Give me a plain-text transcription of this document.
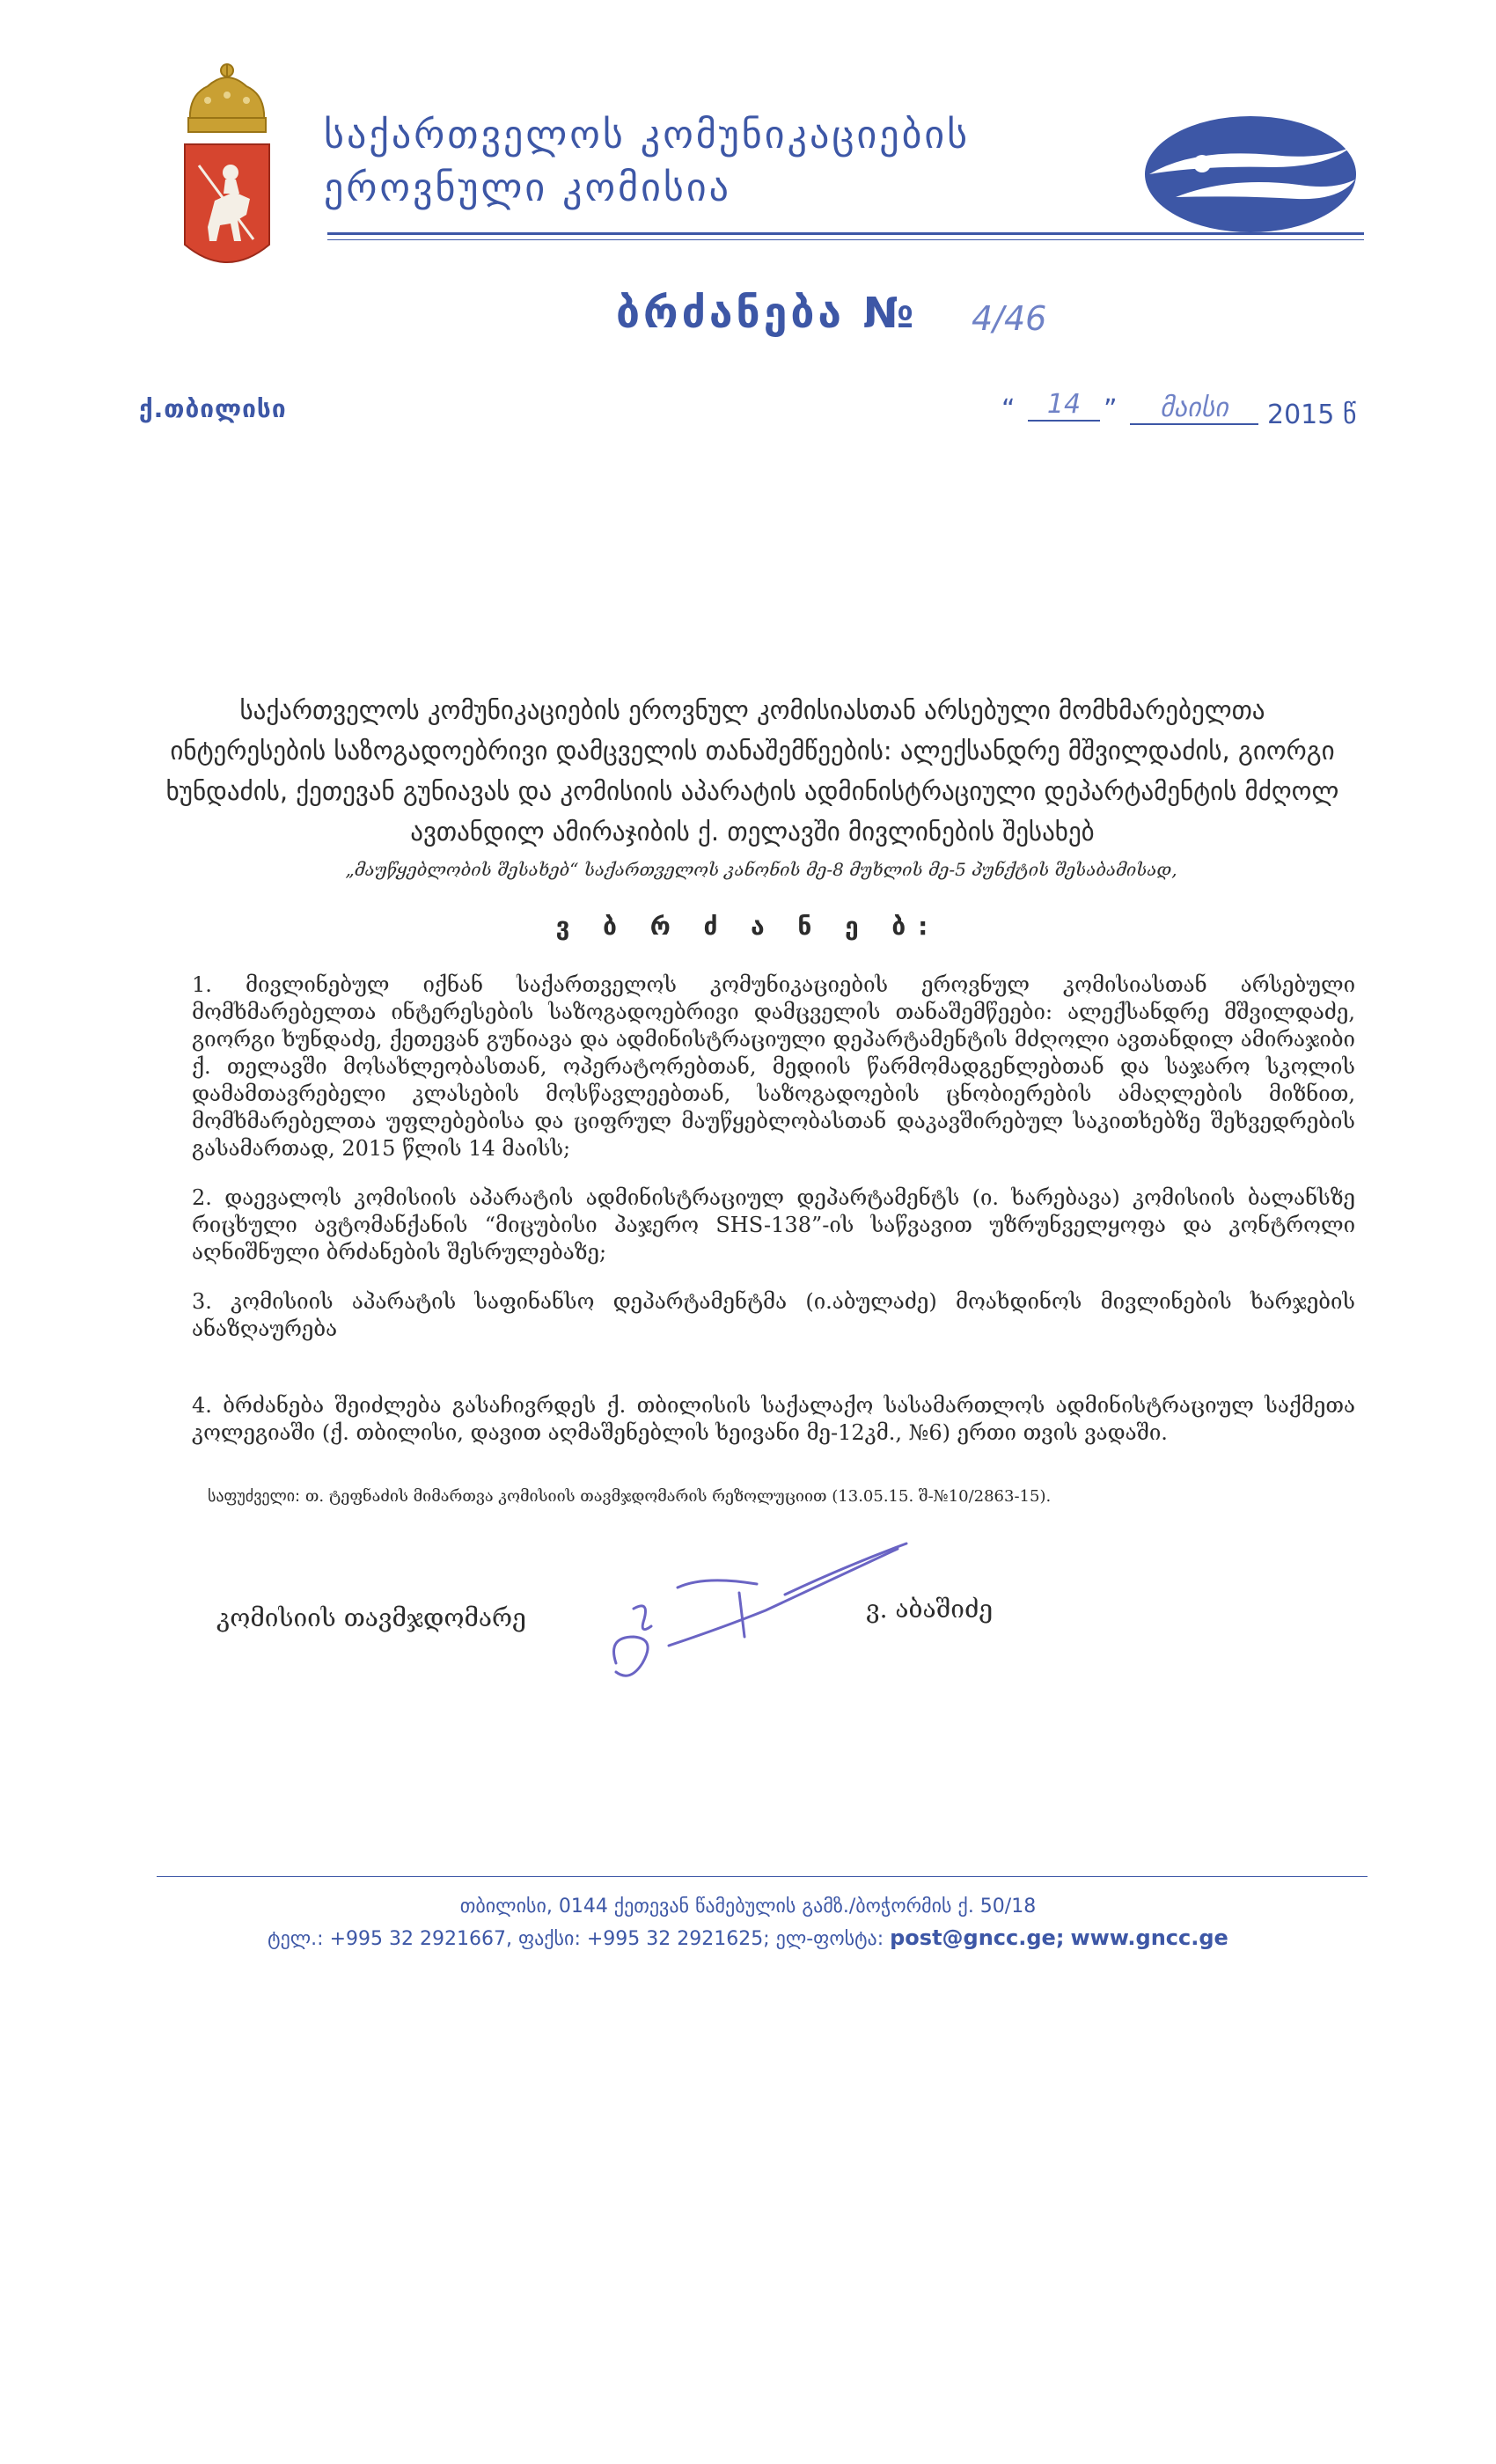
საქართველოს კომუნიკაციების
ეროვნული კომისია
ბრძანება № 4/46
ქ.თბილისი	“	14 ”	მაისი	2015 წ
საქართველოს კომუნიკაციების ეროვნულ კომისიასთან არსებული მომხმარებელთა ინტერესების საზოგადოებრივი დამცველის თანაშემწეების: ალექსანდრე მშვილდაძის, გიორგი ხუნდაძის, ქეთევან გუნიავას და კომისიის აპარატის ადმინისტრაციული დეპარტამენტის მძღოლ ავთანდილ ამირაჯიბის ქ. თელავში მივლინების შესახებ
„მაუწყებლობის შესახებ“ საქართველოს კანონის მე-8 მუხლის მე-5 პუნქტის შესაბამისად,
ვ ბ რ ძ ა ნ ე ბ:
1. მივლინებულ იქნან საქართველოს კომუნიკაციების ეროვნულ კომისიასთან არსებული მომხმარებელთა ინტერესების საზოგადოებრივი დამცველის თანაშემწეები: ალექსანდრე მშვილდაძე, გიორგი ხუნდაძე, ქეთევან გუნიავა და ადმინისტრაციული დეპარტამენტის მძღოლი ავთანდილ ამირაჯიბი ქ. თელავში მოსახლეობასთან, ოპერატორებთან, მედიის წარმომადგენლებთან და საჯარო სკოლის დამამთავრებელი კლასების მოსწავლეებთან, საზოგადოების ცნობიერების ამაღლების მიზნით, მომხმარებელთა უფლებებისა და ციფრულ მაუწყებლობასთან დაკავშირებულ საკითხებზე შეხვედრების გასამართად, 2015 წლის 14 მაისს;
2. დაევალოს კომისიის აპარატის ადმინისტრაციულ დეპარტამენტს (ი. ხარებავა) კომისიის ბალანსზე რიცხული ავტომანქანის “მიცუბისი პაჯერო SHS-138”-ის საწვავით უზრუნველყოფა და კონტროლი აღნიშნული ბრძანების შესრულებაზე;
3. კომისიის აპარატის საფინანსო დეპარტამენტმა (ი.აბულაძე) მოახდინოს მივლინების ხარჯების ანაზღაურება
4. ბრძანება შეიძლება გასაჩივრდეს ქ. თბილისის საქალაქო სასამართლოს ადმინისტრაციულ საქმეთა კოლეგიაში (ქ. თბილისი, დავით აღმაშენებლის ხეივანი მე-12კმ., №6) ერთი თვის ვადაში.
საფუძველი: თ. ტეფნაძის მიმართვა კომისიის თავმჯდომარის რეზოლუციით (13.05.15. შ-№10/2863-15).
კომისიის თავმჯდომარე	ვ. აბაშიძე
თბილისი, 0144 ქეთევან წამებულის გამზ./ბოჭორმის ქ. 50/18
ტელ.: +995 32 2921667, ფაქსი: +995 32 2921625; ელ-ფოსტა: post@gncc.ge; www.gncc.ge
